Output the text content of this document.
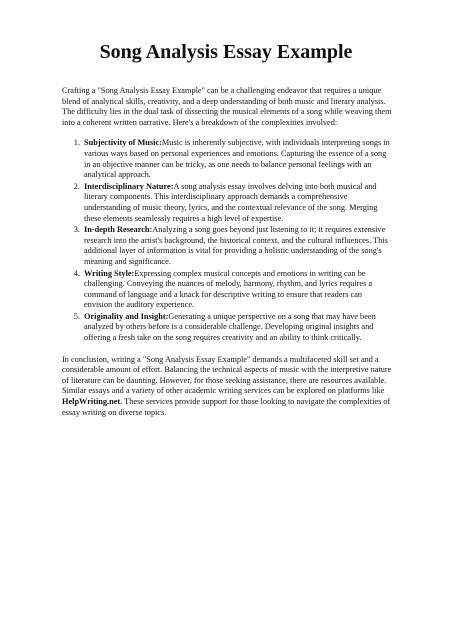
Song Analysis Essay Example

Crafting a "Song Analysis Essay Example" can be a challenging endeavor that requires a unique blend of analytical skills, creativity, and a deep understanding of both music and literary analysis. The difficulty lies in the dual task of dissecting the musical elements of a song while weaving them into a coherent written narrative. Here's a breakdown of the complexities involved:

1. Subjectivity of Music:Music is inherently subjective, with individuals interpreting songs in various ways based on personal experiences and emotions. Capturing the essence of a song in an objective manner can be tricky, as one needs to balance personal feelings with an analytical approach.
2. Interdisciplinary Nature:A song analysis essay involves delving into both musical and literary components. This interdisciplinary approach demands a comprehensive understanding of music theory, lyrics, and the contextual relevance of the song. Merging these elements seamlessly requires a high level of expertise.
3. In-depth Research:Analyzing a song goes beyond just listening to it; it requires extensive research into the artist's background, the historical context, and the cultural influences. This additional layer of information is vital for providing a holistic understanding of the song's meaning and significance.
4. Writing Style:Expressing complex musical concepts and emotions in writing can be challenging. Conveying the nuances of melody, harmony, rhythm, and lyrics requires a command of language and a knack for descriptive writing to ensure that readers can envision the auditory experience.
5. Originality and Insight:Generating a unique perspective on a song that may have been analyzed by others before is a considerable challenge. Developing original insights and offering a fresh take on the song requires creativity and an ability to think critically.

In conclusion, writing a "Song Analysis Essay Example" demands a multifaceted skill set and a considerable amount of effort. Balancing the technical aspects of music with the interpretive nature of literature can be daunting. However, for those seeking assistance, there are resources available. Similar essays and a variety of other academic writing services can be explored on platforms like HelpWriting.net. These services provide support for those looking to navigate the complexities of essay writing on diverse topics.
